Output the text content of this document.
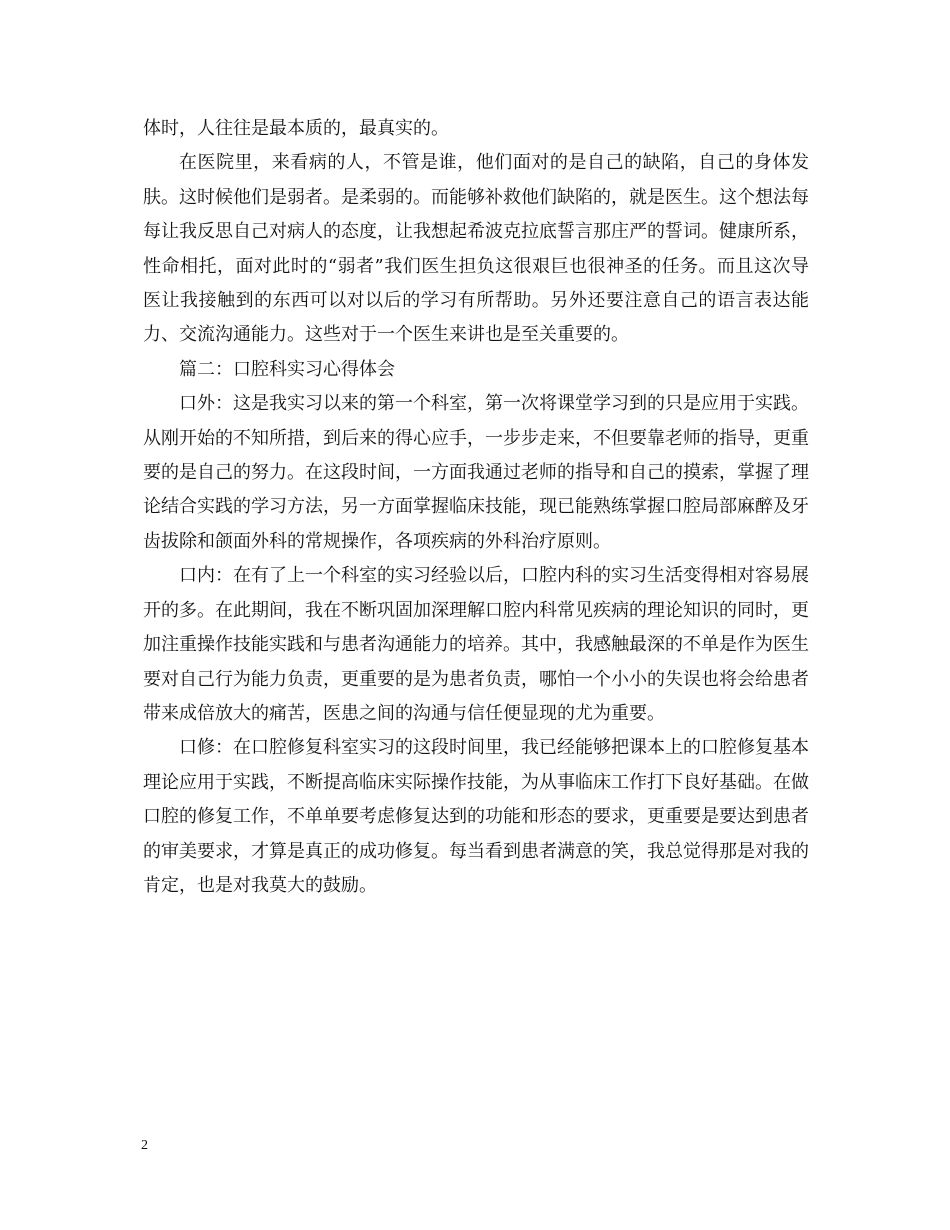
体时，人往往是最本质的，最真实的。

在医院里，来看病的人，不管是谁，他们面对的是自己的缺陷，自己的身体发肤。这时候他们是弱者。是柔弱的。而能够补救他们缺陷的，就是医生。这个想法每每让我反思自己对病人的态度，让我想起希波克拉底誓言那庄严的誓词。健康所系，性命相托，面对此时的“弱者”我们医生担负这很艰巨也很神圣的任务。而且这次导医让我接触到的东西可以对以后的学习有所帮助。另外还要注意自己的语言表达能力、交流沟通能力。这些对于一个医生来讲也是至关重要的。

篇二：口腔科实习心得体会

口外：这是我实习以来的第一个科室，第一次将课堂学习到的只是应用于实践。从刚开始的不知所措，到后来的得心应手，一步步走来，不但要靠老师的指导，更重要的是自己的努力。在这段时间，一方面我通过老师的指导和自己的摸索，掌握了理论结合实践的学习方法，另一方面掌握临床技能，现已能熟练掌握口腔局部麻醉及牙齿拔除和颌面外科的常规操作，各项疾病的外科治疗原则。

口内：在有了上一个科室的实习经验以后，口腔内科的实习生活变得相对容易展开的多。在此期间，我在不断巩固加深理解口腔内科常见疾病的理论知识的同时，更加注重操作技能实践和与患者沟通能力的培养。其中，我感触最深的不单是作为医生要对自己行为能力负责，更重要的是为患者负责，哪怕一个小小的失误也将会给患者带来成倍放大的痛苦，医患之间的沟通与信任便显现的尤为重要。

口修：在口腔修复科室实习的这段时间里，我已经能够把课本上的口腔修复基本理论应用于实践，不断提高临床实际操作技能，为从事临床工作打下良好基础。在做口腔的修复工作，不单单要考虑修复达到的功能和形态的要求，更重要是要达到患者的审美要求，才算是真正的成功修复。每当看到患者满意的笑，我总觉得那是对我的肯定，也是对我莫大的鼓励。

2
